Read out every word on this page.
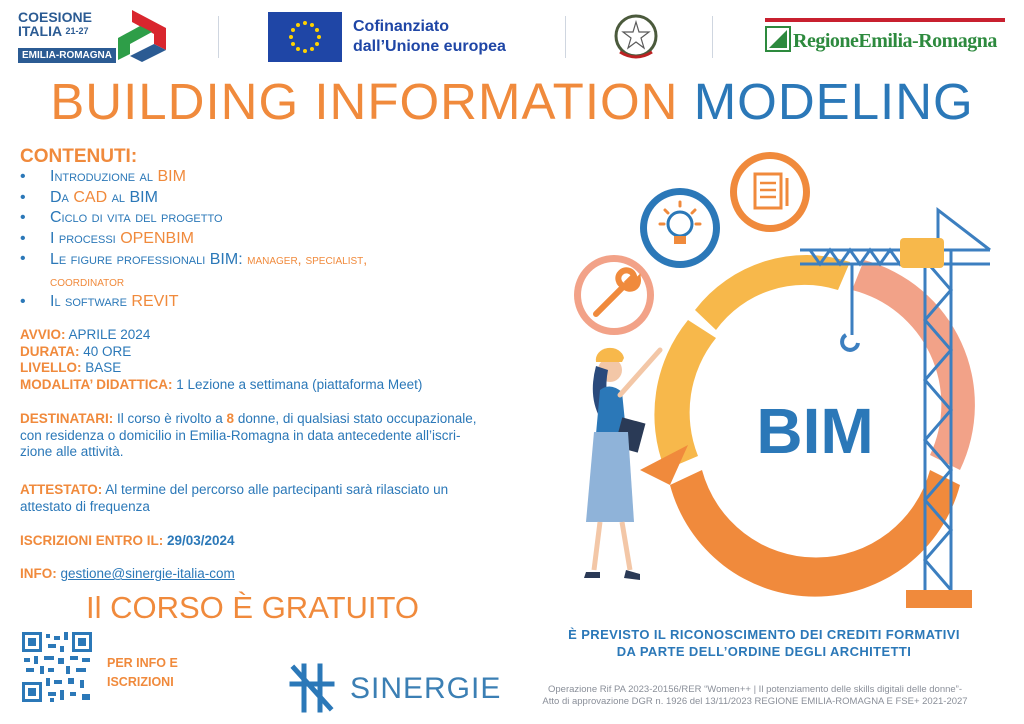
COESIONE
ITALIA $^{21-27}$
EMILIA-ROMAGNA
Cofinanziato
dall’Unione europea	RegioneEmilia-Romagna
BUILDING INFORMATION MODELING
CONTENUTI:
• Introduzione al BIM
• Da CAD al BIM
• Ciclo di vita del progetto
• I processi OPENBIM
• Le figure professionali BIM: manager, specialist,
coordinator
• Il software REVIT
AVVIO: APRILE 2024
DURATA: 40 ORE
LIVELLO: BASE
MODALITA’ DIDATTICA: 1 Lezione a settimana (piattaforma Meet)
DESTINATARI: Il corso è rivolto a 8 donne, di qualsiasi stato occupazionale,
con residenza o domicilio in Emilia-Romagna in data antecedente all’iscri-
zione alle attività.
ATTESTATO: Al termine del percorso alle partecipanti sarà rilasciato un
attestato di frequenza
ISCRIZIONI ENTRO IL: 29/03/2024
INFO: gestione@sinergie-italia-com
Il CORSO È GRATUITO
PER INFO E
ISCRIZIONI	SINERGIE
È PREVISTO IL RICONOSCIMENTO DEI CREDITI FORMATIVI
DA PARTE DELL’ORDINE DEGLI ARCHITETTI
Operazione Rif PA 2023-20156/RER “Women++ | Il potenziamento delle skills digitali delle donne”-
Atto di approvazione DGR n. 1926 del 13/11/2023 REGIONE EMILIA-ROMAGNA E FSE+ 2021-2027
BIM
